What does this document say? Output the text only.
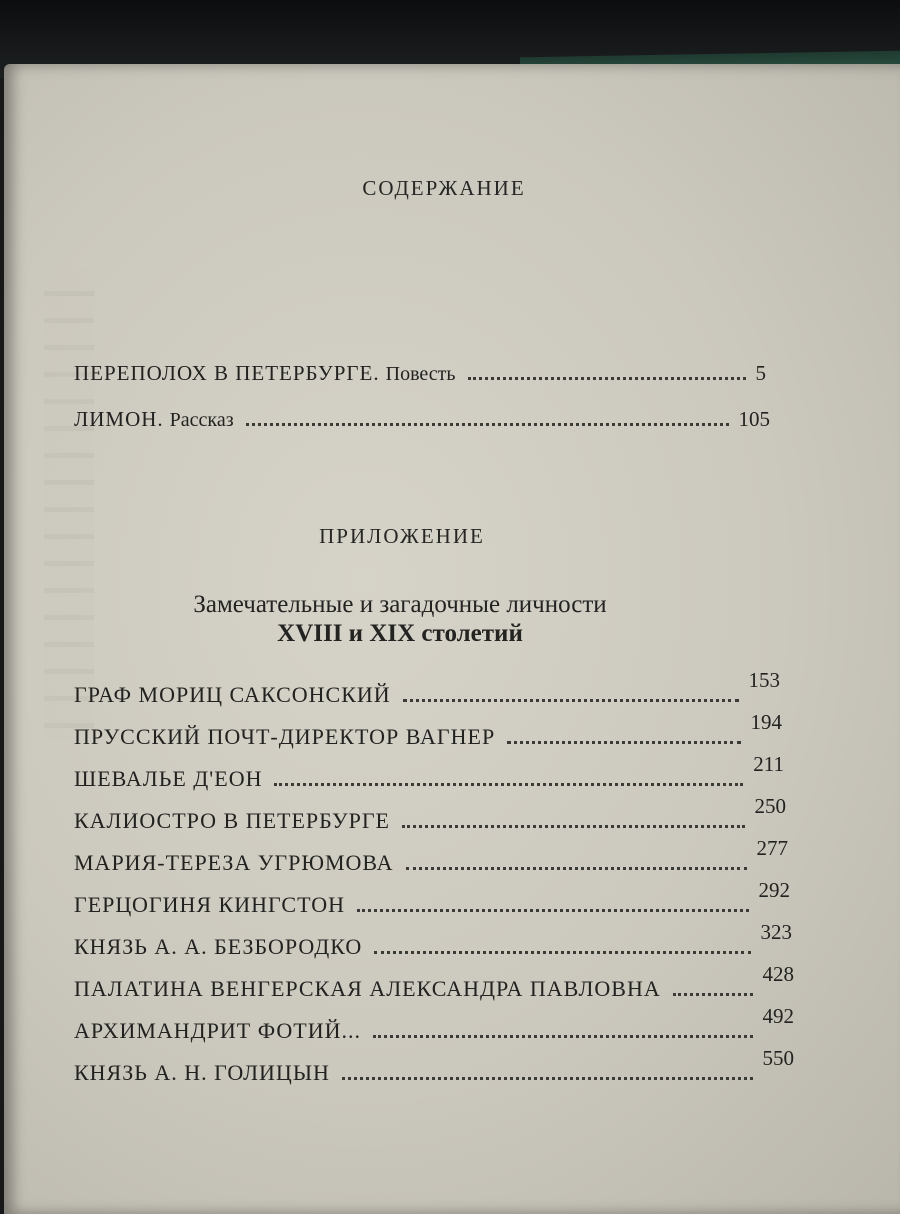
СОДЕРЖАНИЕ
ПЕРЕПОЛОХ В ПЕТЕРБУРГЕ. Повесть	5
ЛИМОН. Рассказ	105
ПРИЛОЖЕНИЕ
Замечательные и загадочные личности
XVIII и XIX столетий
ГРАФ МОРИЦ САКСОНСКИЙ
153
ПРУССКИЙ ПОЧТ-ДИРЕКТОР ВАГНЕР
194
ШЕВАЛЬЕ Д'ЕОН
211
КАЛИОСТРО В ПЕТЕРБУРГЕ
250
МАРИЯ-ТЕРЕЗА УГРЮМОВА
277
ГЕРЦОГИНЯ КИНГСТОН
292
КНЯЗЬ А. А. БЕЗБОРОДКО
323
ПАЛАТИНА ВЕНГЕРСКАЯ АЛЕКСАНДРА ПАВЛОВНА
428
АРХИМАНДРИТ ФОТИЙ...
492
КНЯЗЬ А. Н. ГОЛИЦЫН
550
